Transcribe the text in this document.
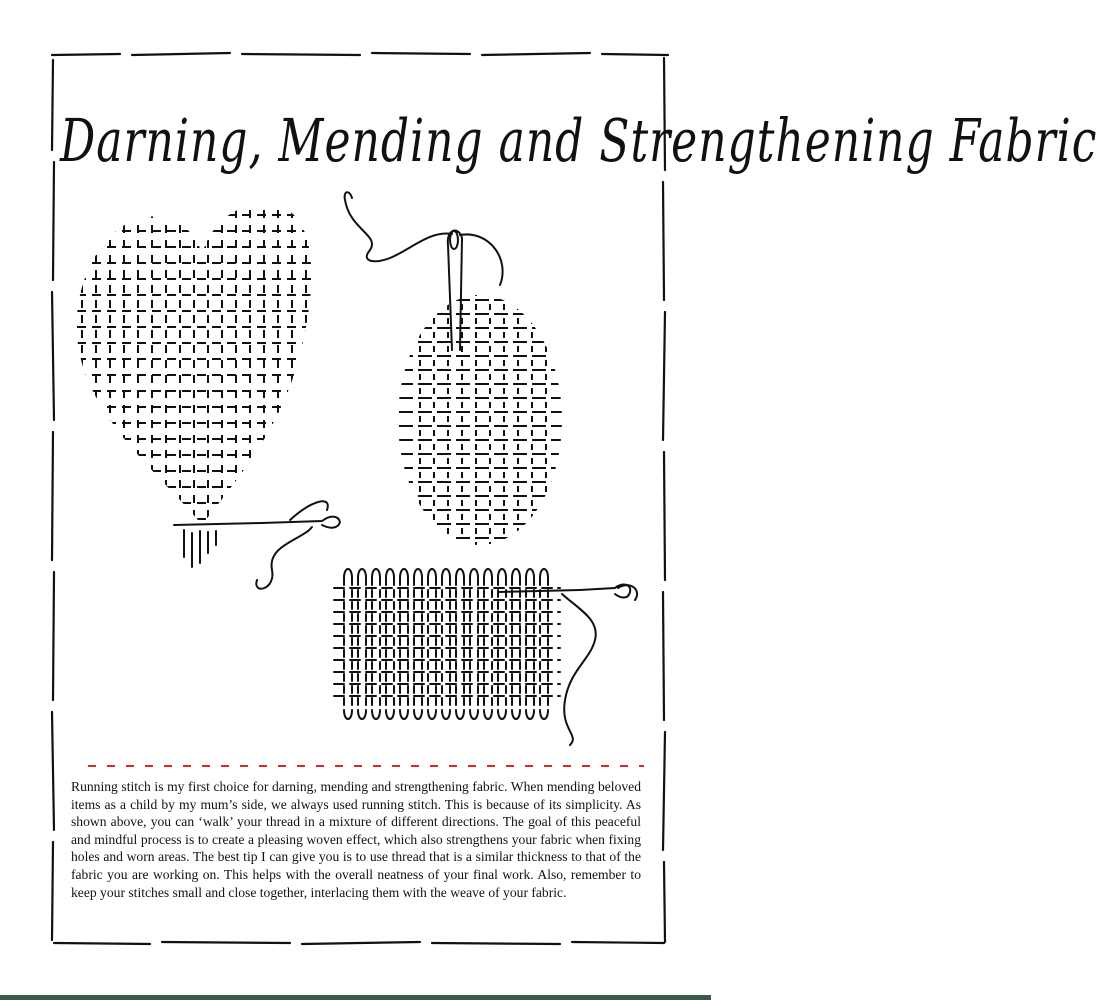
Darning, Mending and Strengthening Fabric
Running stitch is my first choice for darning, mending and strengthening fabric. When mending beloved items as a child by my mum’s side, we always used running stitch. This is because of its simplicity. As shown above, you can ‘walk’ your thread in a mixture of different directions. The goal of this peaceful and mindful process is to create a pleasing woven effect, which also strengthens your fabric when fixing holes and worn areas. The best tip I can give you is to use thread that is a similar thickness to that of the fabric you are working on. This helps with the overall neatness of your final work. Also, remember to keep your stitches small and close together, interlacing them with the weave of your fabric.
